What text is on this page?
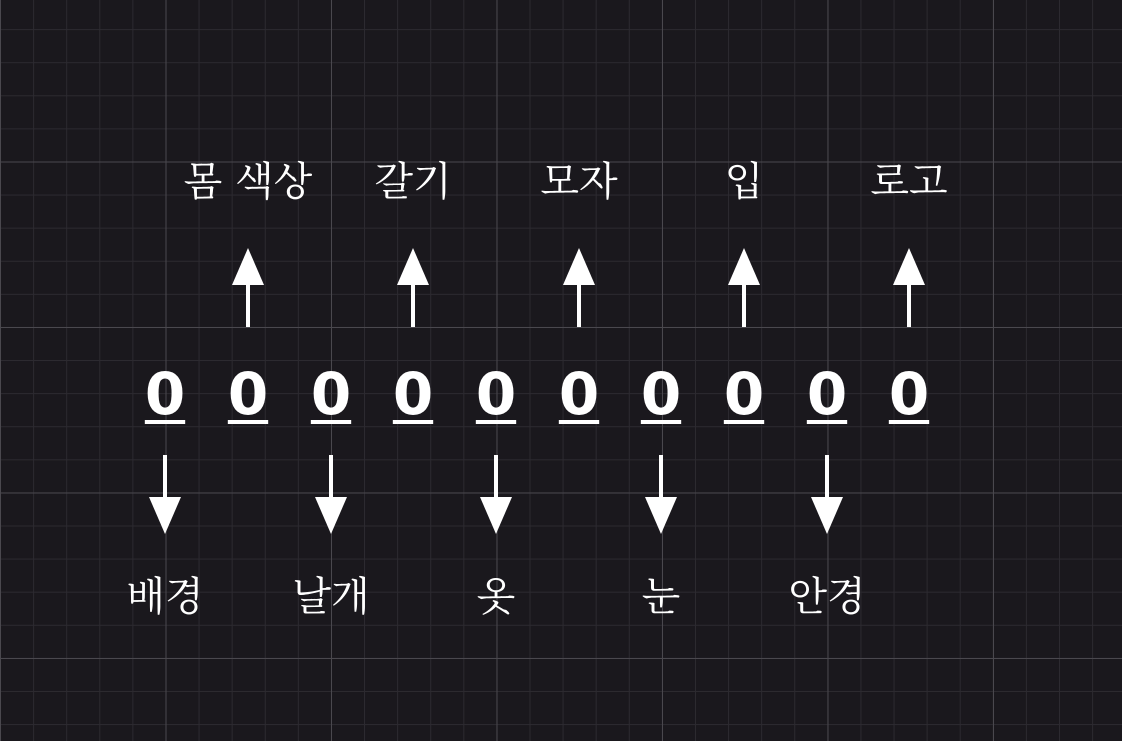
몸 색상 갈기 모자	입	로고
0 0 0 0 0 0 0 0 0 0
배경 날개	옷	눈	안경
